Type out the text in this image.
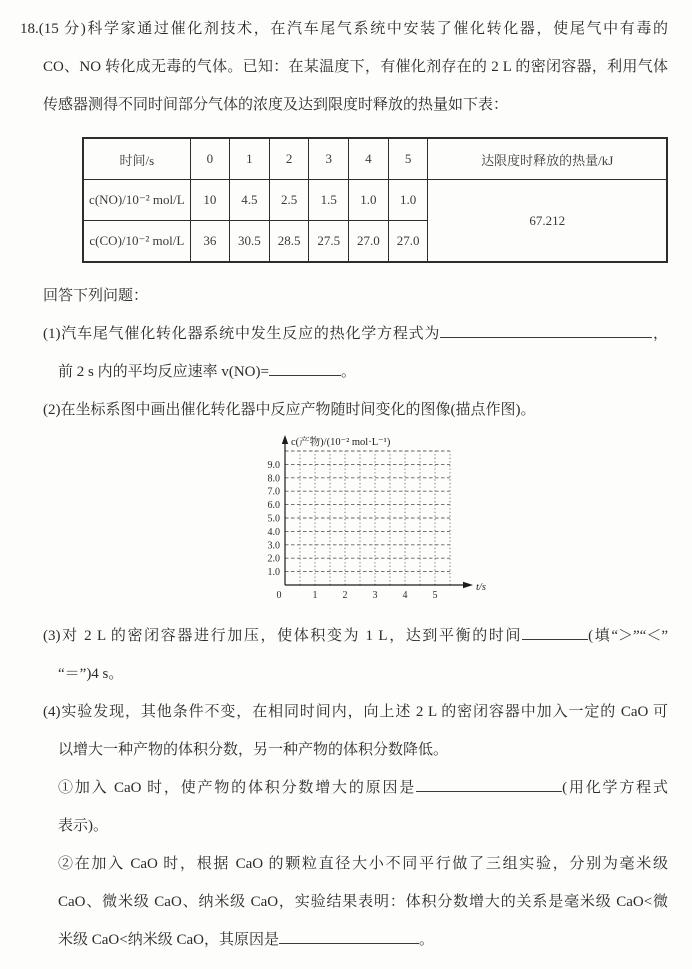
18.(15 分)科学家通过催化剂技术，在汽车尾气系统中安装了催化转化器，使尾气中有毒的
CO、NO 转化成无毒的气体。已知：在某温度下，有催化剂存在的 2 L 的密闭容器，利用气体
传感器测得不同时间部分气体的浓度及达到限度时释放的热量如下表：
时间/s	0	1	2	3	4	5	达限度时释放的热量/kJ
c(NO)/10⁻² mol/L	10	4.5	2.5	1.5	1.0	1.0	67.212
c(CO)/10⁻² mol/L	36	30.5	28.5	27.5	27.0	27.0	
回答下列问题：
(1)汽车尾气催化转化器系统中发生反应的热化学方程式为	，
前 2 s 内的平均反应速率 v(NO)=	。
(2)在坐标系图中画出催化转化器中反应产物随时间变化的图像(描点作图)。
1.0
2.0
3.0
4.0
5.0
6.0
7.0
8.0
9.0
0	1	2	3	4	5
c(产物)/(10⁻² mol·L⁻¹)
t/s
(3)对 2 L 的密闭容器进行加压，使体积变为 1 L，达到平衡的时间	(填“＞”“＜”
“＝”)4 s。
(4)实验发现，其他条件不变，在相同时间内，向上述 2 L 的密闭容器中加入一定的 CaO 可
以增大一种产物的体积分数，另一种产物的体积分数降低。
①加入 CaO 时，使产物的体积分数增大的原因是	(用化学方程式
表示)。
②在加入 CaO 时，根据 CaO 的颗粒直径大小不同平行做了三组实验，分别为毫米级
CaO、微米级 CaO、纳米级 CaO，实验结果表明：体积分数增大的关系是毫米级 CaO<微
米级 CaO<纳米级 CaO，其原因是	。
